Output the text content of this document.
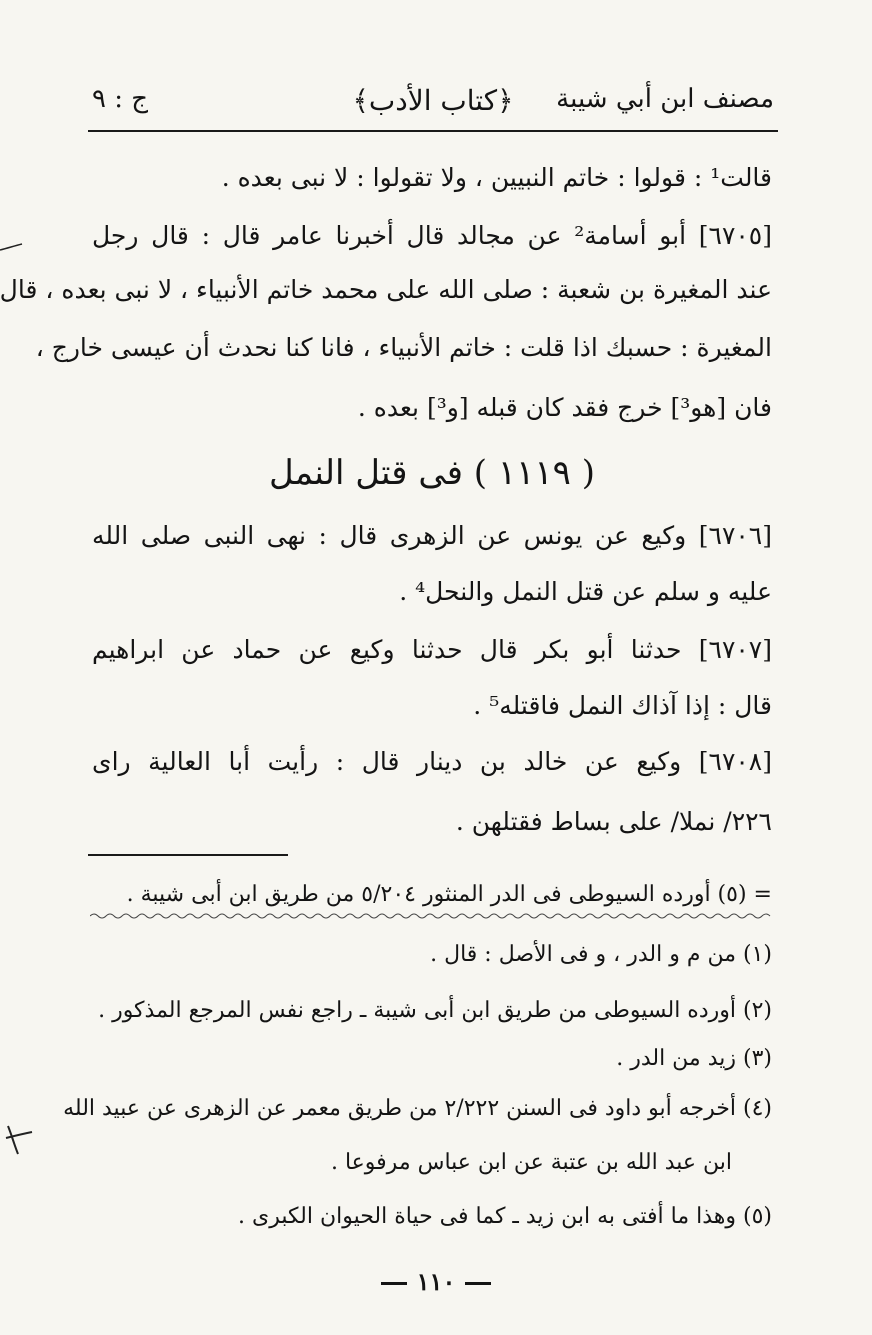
مصنف ابن أبي شيبة
﴿كتاب الأدب﴾
ج : ٩
قالت¹ : قولوا : خاتم النبيين ، ولا تقولوا : لا نبى بعده .
[٦٧٠٥] أبو أسامة² عن مجالد قال أخبرنا عامر قال : قال رجل
عند المغيرة بن شعبة : صلى الله على محمد خاتم الأنبياء ، لا نبى بعده ، قال
المغيرة : حسبك اذا قلت : خاتم الأنبياء ، فانا كنا نحدث أن عيسى خارج ،
فان [هو³] خرج فقد كان قبله [و³] بعده .
( ١١١٩ ) فى قتل النمل
[٦٧٠٦] وكيع عن يونس عن الزهرى قال : نهى النبى صلى الله
عليه و سلم عن قتل النمل والنحل⁴ .
[٦٧٠٧] حدثنا أبو بكر قال حدثنا وكيع عن حماد عن ابراهيم
قال : إذا آذاك النمل فاقتله⁵ .
[٦٧٠٨] وكيع عن خالد بن دينار قال : رأيت أبا العالية راى
٢٢٦/ نملا/ على بساط فقتلهن .
= (٥) أورده السيوطى فى الدر المنثور ٥/٢٠٤ من طريق ابن أبى شيبة .
(١) من م و الدر ، و فى الأصل : قال .
(٢) أورده السيوطى من طريق ابن أبى شيبة ـ راجع نفس المرجع المذكور .
(٣) زيد من الدر .
(٤) أخرجه أبو داود فى السنن ٢/٢٢٢ من طريق معمر عن الزهرى عن عبيد الله
ابن عبد الله بن عتبة عن ابن عباس مرفوعا .
(٥) وهذا ما أفتى به ابن زيد ـ كما فى حياة الحيوان الكبرى .
١١٠
